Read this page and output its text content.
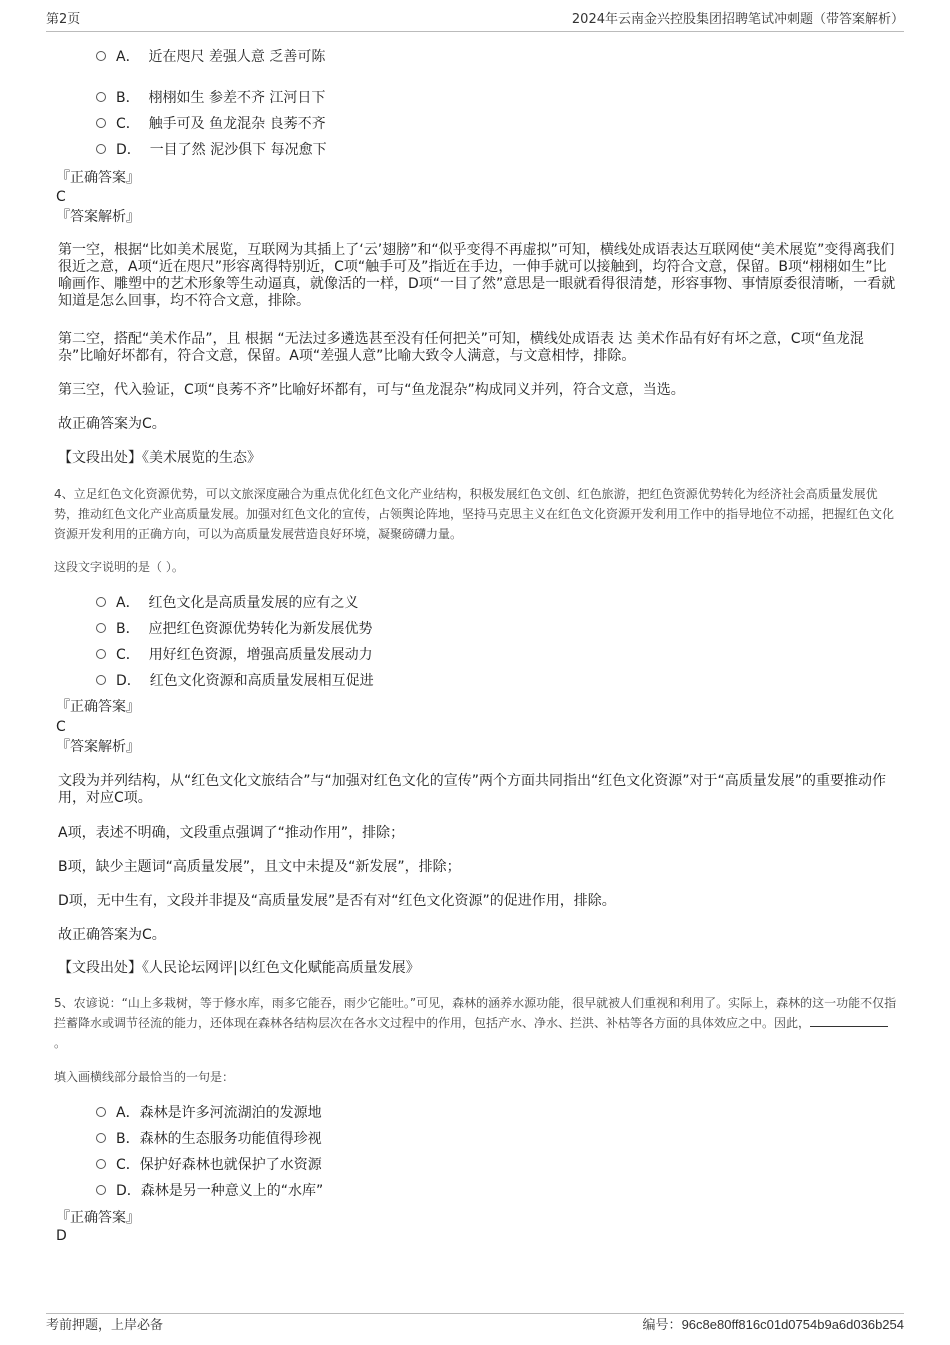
第2页	2024年云南金兴控股集团招聘笔试冲刺题（带答案解析）
A． 近在咫尺 差强人意 乏善可陈
B． 栩栩如生 参差不齐 江河日下
C． 触手可及 鱼龙混杂 良莠不齐
D． 一目了然 泥沙俱下 每况愈下
『正确答案』
C
『答案解析』
第一空，根据“比如美术展览，互联网为其插上了‘云’翅膀”和“似乎变得不再虚拟”可知，横线处成语表达互联网使“美术展览”变得离我们很近之意，A项“近在咫尺”形容离得特别近，C项“触手可及”指近在手边，一伸手就可以接触到，均符合文意，保留。B项“栩栩如生”比喻画作、雕塑中的艺术形象等生动逼真，就像活的一样，D项“一目了然”意思是一眼就看得很清楚，形容事物、事情原委很清晰，一看就知道是怎么回事，均不符合文意，排除。
第二空，搭配“美术作品”，且 根据 “无法过多遴选甚至没有任何把关”可知，横线处成语表 达 美术作品有好有坏之意，C项“鱼龙混杂”比喻好坏都有，符合文意，保留。A项“差强人意”比喻大致令人满意，与文意相悖，排除。
第三空，代入验证，C项“良莠不齐”比喻好坏都有，可与“鱼龙混杂”构成同义并列，符合文意，当选。
故正确答案为C。
【文段出处】《美术展览的生态》
4、立足红色文化资源优势，可以文旅深度融合为重点优化红色文化产业结构，积极发展红色文创、红色旅游，把红色资源优势转化为经济社会高质量发展优势，推动红色文化产业高质量发展。加强对红色文化的宣传，占领舆论阵地，坚持马克思主义在红色文化资源开发利用工作中的指导地位不动摇，把握红色文化资源开发利用的正确方向，可以为高质量发展营造良好环境，凝聚磅礴力量。
这段文字说明的是（ ）。
A． 红色文化是高质量发展的应有之义
B． 应把红色资源优势转化为新发展优势
C． 用好红色资源，增强高质量发展动力
D． 红色文化资源和高质量发展相互促进
『正确答案』
C
『答案解析』
文段为并列结构，从“红色文化文旅结合”与“加强对红色文化的宣传”两个方面共同指出“红色文化资源”对于“高质量发展”的重要推动作用，对应C项。
A项，表述不明确，文段重点强调了“推动作用”，排除；
B项，缺少主题词“高质量发展”，且文中未提及“新发展”，排除；
D项，无中生有，文段并非提及“高质量发展”是否有对“红色文化资源”的促进作用，排除。
故正确答案为C。
【文段出处】《人民论坛网评|以红色文化赋能高质量发展》
5、农谚说：“山上多栽树，等于修水库，雨多它能吞，雨少它能吐。”可见，森林的涵养水源功能，很早就被人们重视和利用了。实际上，森林的这一功能不仅指拦蓄降水或调节径流的能力，还体现在森林各结构层次在各水文过程中的作用，包括产水、净水、拦洪、补枯等各方面的具体效应之中。因此，。
填入画横线部分最恰当的一句是：
A．森林是许多河流湖泊的发源地
B．森林的生态服务功能值得珍视
C．保护好森林也就保护了水资源
D．森林是另一种意义上的“水库”
『正确答案』
D
考前押题，上岸必备	编号：96c8e80ff816c01d0754b9a6d036b254
